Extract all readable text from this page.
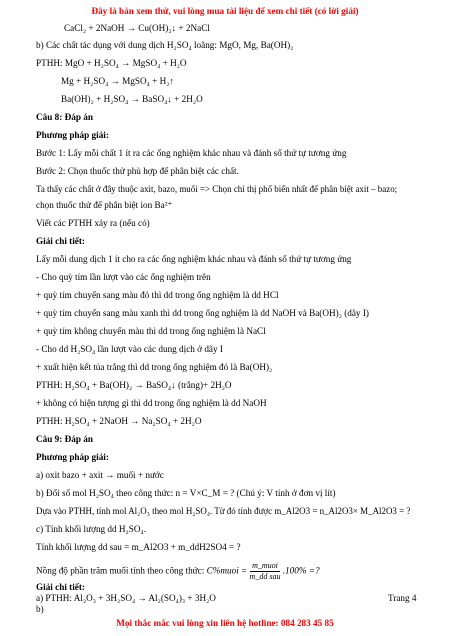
Đây là bản xem thử, vui lòng mua tài liệu để xem chi tiết (có lời giải)
CaCl₂ + 2NaOH → Cu(OH)₂↓ + 2NaCl
b) Các chất tác dụng với dung dịch H₂SO₄ loãng: MgO, Mg, Ba(OH)₂
PTHH: MgO + H₂SO₄ → MgSO₄ + H₂O
Mg + H₂SO₄ → MgSO₄ + H₂↑
Ba(OH)₂ + H₂SO₄ → BaSO₄↓ + 2H₂O
Câu 8: Đáp án
Phương pháp giải:
Bước 1: Lấy mỗi chất 1 ít ra các ống nghiệm khác nhau và đánh số thứ tự tương ứng
Bước 2: Chọn thuốc thử phù hợp để phân biệt các chất.
Ta thấy các chất ở đây thuộc axit, bazo, muối => Chọn chỉ thị phổ biến nhất để phân biệt axit – bazo;
chọn thuốc thử để phân biệt ion Ba²⁺
Viết các PTHH xảy ra (nếu có)
Giải chi tiết:
Lấy mỗi dung dịch 1 ít cho ra các ống nghiệm khác nhau và đánh số thứ tự tương ứng
- Cho quỳ tím lần lượt vào các ống nghiệm trên
+ quỳ tím chuyển sang màu đỏ thì dd trong ống nghiệm là dd HCl
+ quỳ tím chuyển sang màu xanh thì dd trong ống nghiệm là dd NaOH và Ba(OH)₂ (dãy I)
+ quỳ tím không chuyển màu thì dd trong ống nghiệm là NaCl
- Cho dd H₂SO₄ lần lượt vào các dung dịch ở dãy I
+ xuất hiện kết tủa trắng thì dd trong ống nghiệm đó là Ba(OH)₂
PTHH: H₂SO₄ + Ba(OH)₂ → BaSO₄↓ (trắng)+ 2H₂O
+ không có hiện tượng gì thì dd trong ống nghiệm là dd NaOH
PTHH: H₂SO₄ + 2NaOH → Na₂SO₄ + 2H₂O
Câu 9: Đáp án
Phương pháp giải:
a) oxit bazo + axit → muối + nước
b) Đổi số mol H₂SO₄ theo công thức: n = V×C_M = ? (Chú ý: V tính ở đơn vị lít)
Dựa vào PTHH, tính mol Al₂O₃ theo mol H₂SO₄. Từ đó tính được m_Al2O3 = n_Al2O3× M_Al2O3 = ?
c) Tính khối lượng dd H₂SO₄.
Tính khối lượng dd sau = m_Al2O3 + m_ddH2SO4 = ?
Nồng độ phần trăm muối tính theo công thức: C%muoi = $\frac{\text{m\_muoi}}{\text{m\_dd sau}} .100\%$ =?
Giải chi tiết:
Trang 4
a) PTHH: Al₂O₃ + 3H₂SO₄ → Al₂(SO₄)₃ + 3H₂O
Mọi thắc mắc vui lòng xin liên hệ hotline: 084 283 45 85
b)
